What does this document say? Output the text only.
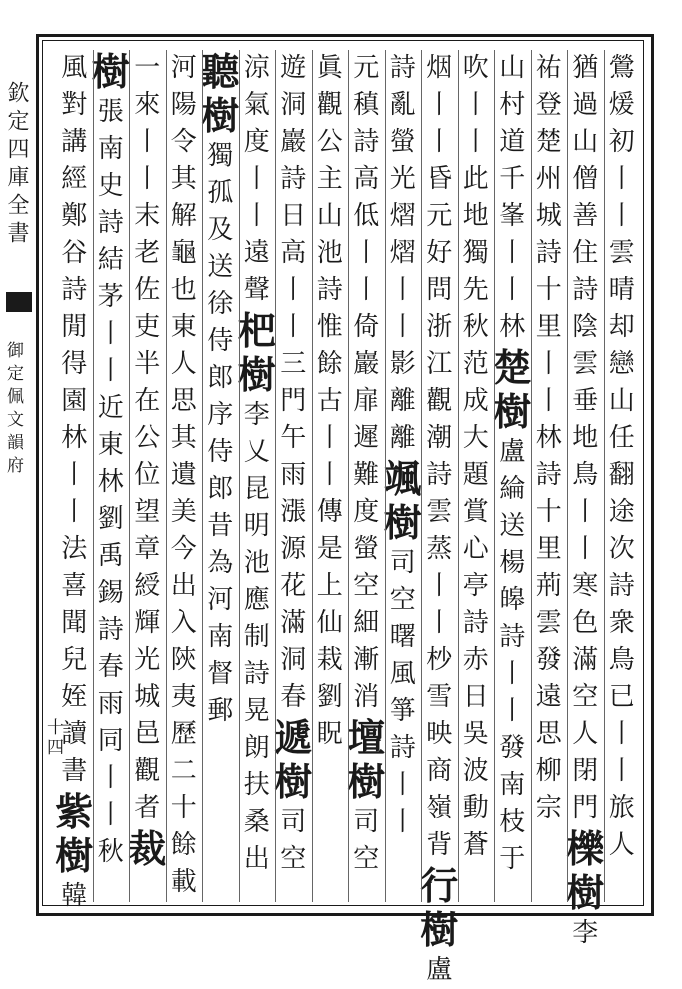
欽定四庫全書
御定佩文韻府
十四
鶯
煖
初
丨
丨
雲
晴
却
戀
山
任
翻
途
次
詩
衆
鳥
已
丨
丨
旅
人
猶
過
山
僧
善
住
詩
陰
雲
垂
地
鳥
丨
丨
寒
色
滿
空
人
閉
門
櫟
樹
李
祐
登
楚
州
城
詩
十
里
丨
丨
林
詩
十
里
荊
雲
發
遠
思
柳
宗
山
村
道
千
峯
丨
丨
林
楚
樹
盧
綸
送
楊
皞
詩
丨
丨
發
南
枝
于
吹
丨
丨
此
地
獨
先
秋
范
成
大
題
賞
心
亭
詩
赤
日
吳
波
動
蒼
烟
丨
丨
昏
元
好
問
浙
江
觀
潮
詩
雲
蒸
丨
丨
杪
雪
映
商
嶺
背
行
樹
盧
詩
亂
螢
光
熠
熠
丨
丨
影
離
離
颯
樹
司
空
曙
風
箏
詩
丨
丨
元
稹
詩
高
低
丨
丨
倚
巖
扉
遲
難
度
螢
空
細
漸
消
壇
樹
司
空
眞
觀
公
主
山
池
詩
惟
餘
古
丨
丨
傳
是
上
仙
栽
劉
眖
遊
洞
巖
詩
日
高
丨
丨
三
門
午
雨
漲
源
花
滿
洞
春
遞
樹
司
空
涼
氣
度
丨
丨
遠
聲
杷
樹
李
乂
昆
明
池
應
制
詩
晃
朗
扶
桑
出
聽
樹
獨
孤
及
送
徐
侍
郎
序
侍
郎
昔
為
河
南
督
郵
河
陽
令
其
解
龜
也
東
人
思
其
遺
美
今
出
入
陝
夷
歷
二
十
餘
載
一
來
丨
丨
末
老
佐
吏
半
在
公
位
望
章
綬
輝
光
城
邑
觀
者
裁
樹
張
南
史
詩
結
茅
丨
丨
近
東
林
劉
禹
錫
詩
春
雨
同
丨
丨
秋
風
對
講
經
鄭
谷
詩
閒
得
園
林
丨
丨
法
喜
聞
兒
姪
讀
書
紫
樹
韓
